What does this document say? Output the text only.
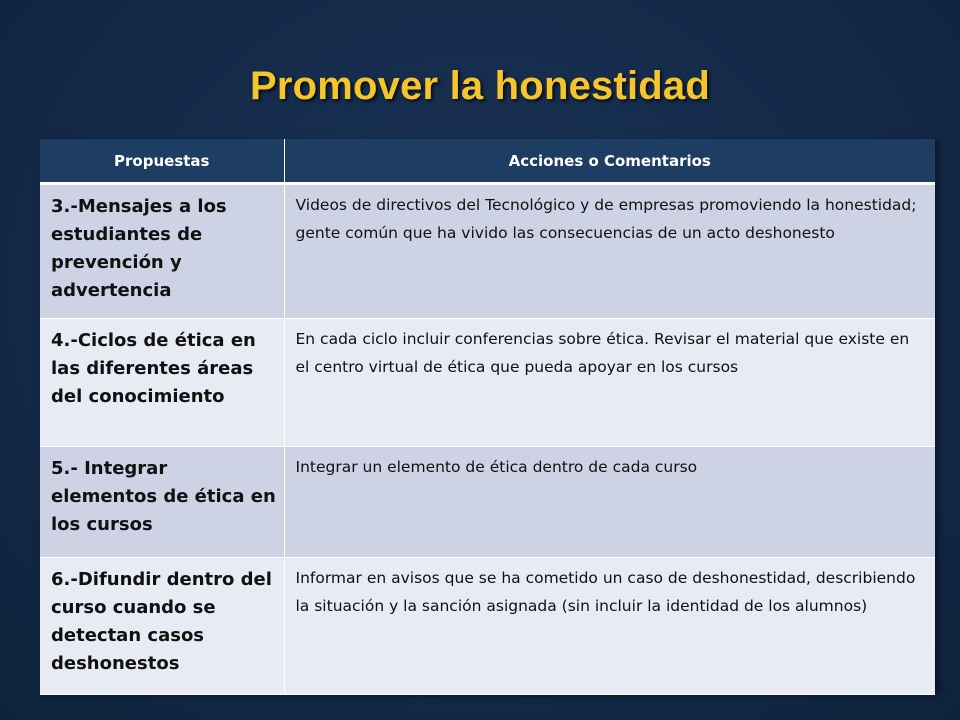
Promover la honestidad
Propuestas	Acciones o Comentarios

3.-Mensajes a los estudiantes de prevención y advertencia	Videos de directivos del Tecnológico y de empresas promoviendo la honestidad; gente común que ha vivido las consecuencias de un acto deshonesto

4.-Ciclos de ética en las diferentes áreas del conocimiento	En cada ciclo incluir conferencias sobre ética. Revisar el material que existe en el centro virtual de ética que pueda apoyar en los cursos

5.- Integrar elementos de ética en los cursos	Integrar un elemento de ética dentro de cada curso

6.-Difundir dentro del curso cuando se detectan casos deshonestos	Informar en avisos que se ha cometido un caso de deshonestidad, describiendo la situación y la sanción asignada (sin incluir la identidad de los alumnos)
